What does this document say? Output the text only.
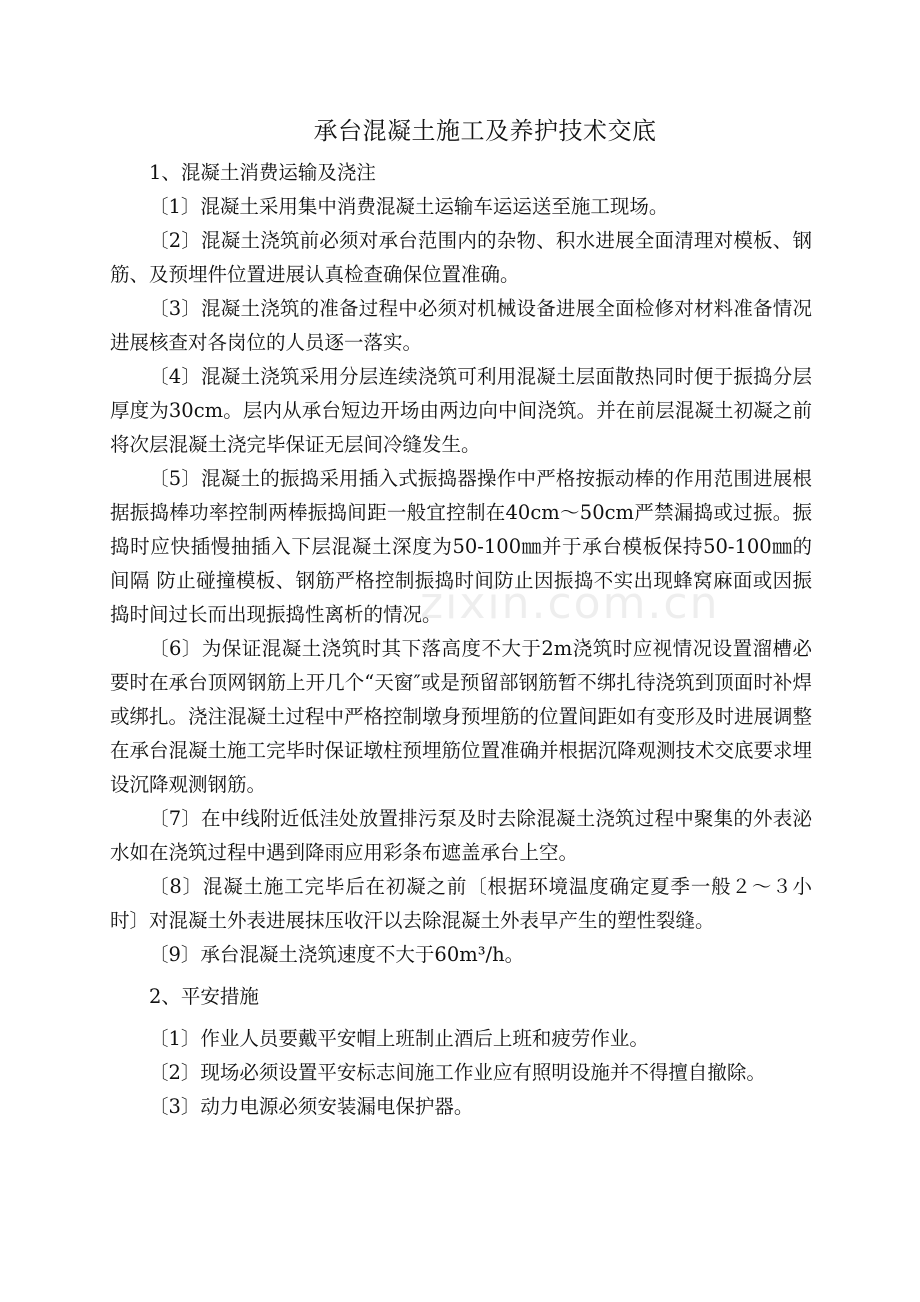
承台混凝土施工及养护技术交底

1、混凝土消费运输及浇注

〔1〕混凝土采用集中消费混凝土运输车运运送至施工现场。

〔2〕混凝土浇筑前必须对承台范围内的杂物、积水进展全面清理对模板、钢筋、及预埋件位置进展认真检查确保位置准确。

〔3〕混凝土浇筑的准备过程中必须对机械设备进展全面检修对材料准备情况进展核查对各岗位的人员逐一落实。

〔4〕混凝土浇筑采用分层连续浇筑可利用混凝土层面散热同时便于振捣分层厚度为30cm。层内从承台短边开场由两边向中间浇筑。并在前层混凝土初凝之前将次层混凝土浇完毕保证无层间冷缝发生。

〔5〕混凝土的振捣采用插入式振捣器操作中严格按振动棒的作用范围进展根据振捣棒功率控制两棒振捣间距一般宜控制在40cm～50cm严禁漏捣或过振。振捣时应快插慢抽插入下层混凝土深度为50-100㎜并于承台模板保持50-100㎜的间隔 防止碰撞模板、钢筋严格控制振捣时间防止因振捣不实出现蜂窝麻面或因振捣时间过长而出现振捣性离析的情况。

〔6〕为保证混凝土浇筑时其下落高度不大于2m浇筑时应视情况设置溜槽必要时在承台顶网钢筋上开几个“天窗″或是预留部钢筋暂不绑扎待浇筑到顶面时补焊或绑扎。浇注混凝土过程中严格控制墩身预埋筋的位置间距如有变形及时进展调整在承台混凝土施工完毕时保证墩柱预埋筋位置准确并根据沉降观测技术交底要求埋设沉降观测钢筋。

〔7〕在中线附近低洼处放置排污泵及时去除混凝土浇筑过程中聚集的外表泌水如在浇筑过程中遇到降雨应用彩条布遮盖承台上空。

〔8〕混凝土施工完毕后在初凝之前〔根据环境温度确定夏季一般２～３小时〕对混凝土外表进展抹压收汗以去除混凝土外表早产生的塑性裂缝。

〔9〕承台混凝土浇筑速度不大于60m³/h。

2、平安措施

〔1〕作业人员要戴平安帽上班制止酒后上班和疲劳作业。

〔2〕现场必须设置平安标志间施工作业应有照明设施并不得擅自撤除。

〔3〕动力电源必须安装漏电保护器。

zixin.com.cn
